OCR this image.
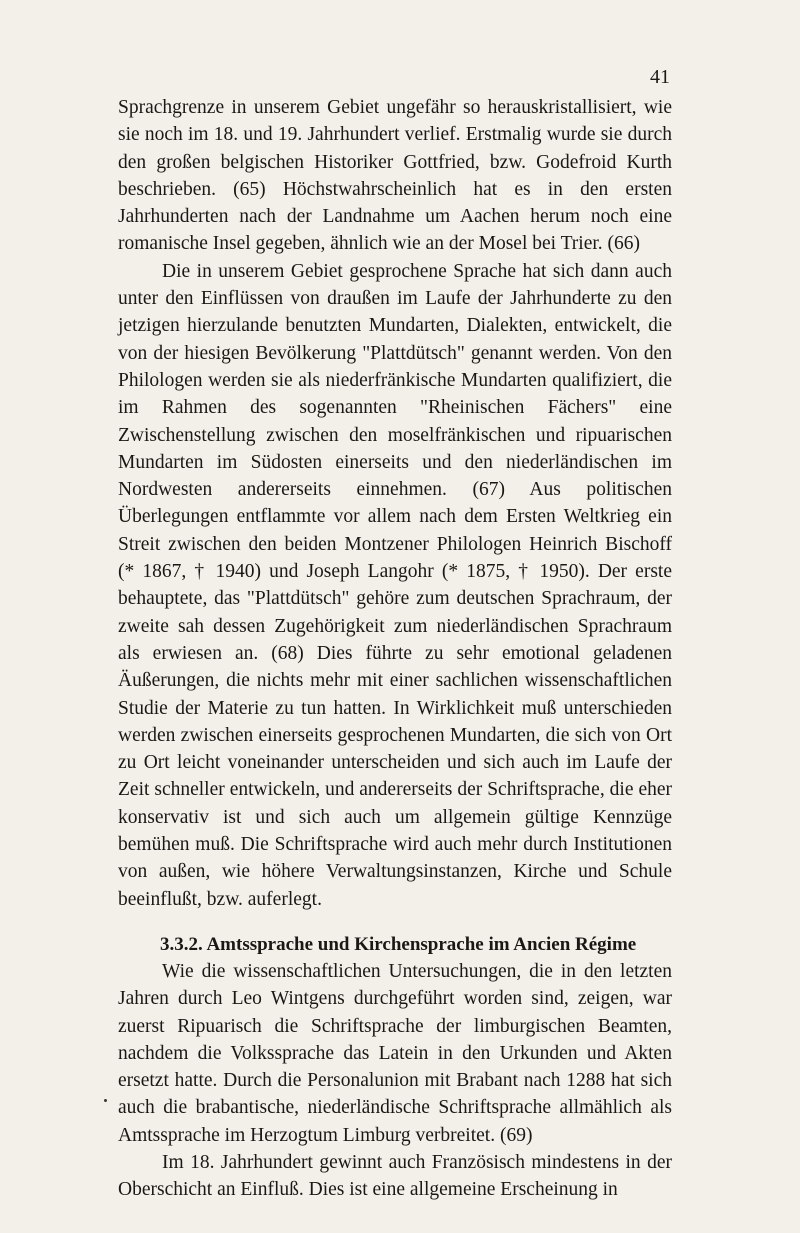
41

Sprachgrenze in unserem Gebiet ungefähr so herauskristallisiert, wie sie noch im 18. und 19. Jahrhundert verlief. Erstmalig wurde sie durch den großen belgischen Historiker Gottfried, bzw. Godefroid Kurth beschrieben. (65) Höchstwahrscheinlich hat es in den ersten Jahrhunderten nach der Landnahme um Aachen herum noch eine romanische Insel gegeben, ähnlich wie an der Mosel bei Trier. (66)

Die in unserem Gebiet gesprochene Sprache hat sich dann auch unter den Einflüssen von draußen im Laufe der Jahrhunderte zu den jetzigen hierzulande benutzten Mundarten, Dialekten, entwickelt, die von der hiesigen Bevölkerung "Plattdütsch" genannt werden. Von den Philologen werden sie als niederfränkische Mundarten qualifiziert, die im Rahmen des sogenannten "Rheinischen Fächers" eine Zwischenstellung zwischen den moselfränkischen und ripuarischen Mundarten im Südosten einerseits und den niederländischen im Nordwesten andererseits einnehmen. (67) Aus politischen Überlegungen entflammte vor allem nach dem Ersten Weltkrieg ein Streit zwischen den beiden Montzener Philologen Heinrich Bischoff (* 1867, † 1940) und Joseph Langohr (* 1875, † 1950). Der erste behauptete, das "Plattdütsch" gehöre zum deutschen Sprachraum, der zweite sah dessen Zugehörigkeit zum niederländischen Sprachraum als erwiesen an. (68) Dies führte zu sehr emotional geladenen Äußerungen, die nichts mehr mit einer sachlichen wissenschaftlichen Studie der Materie zu tun hatten. In Wirklichkeit muß unterschieden werden zwischen einerseits gesprochenen Mundarten, die sich von Ort zu Ort leicht voneinander unterscheiden und sich auch im Laufe der Zeit schneller entwickeln, und andererseits der Schriftsprache, die eher konservativ ist und sich auch um allgemein gültige Kennzüge bemühen muß. Die Schriftsprache wird auch mehr durch Institutionen von außen, wie höhere Verwaltungsinstanzen, Kirche und Schule beeinflußt, bzw. auferlegt.

3.3.2. Amtssprache und Kirchensprache im Ancien Régime

Wie die wissenschaftlichen Untersuchungen, die in den letzten Jahren durch Leo Wintgens durchgeführt worden sind, zeigen, war zuerst Ripuarisch die Schriftsprache der limburgischen Beamten, nachdem die Volkssprache das Latein in den Urkunden und Akten ersetzt hatte. Durch die Personalunion mit Brabant nach 1288 hat sich auch die brabantische, niederländische Schriftsprache allmählich als Amtssprache im Herzogtum Limburg verbreitet. (69)

Im 18. Jahrhundert gewinnt auch Französisch mindestens in der Oberschicht an Einfluß. Dies ist eine allgemeine Erscheinung in
